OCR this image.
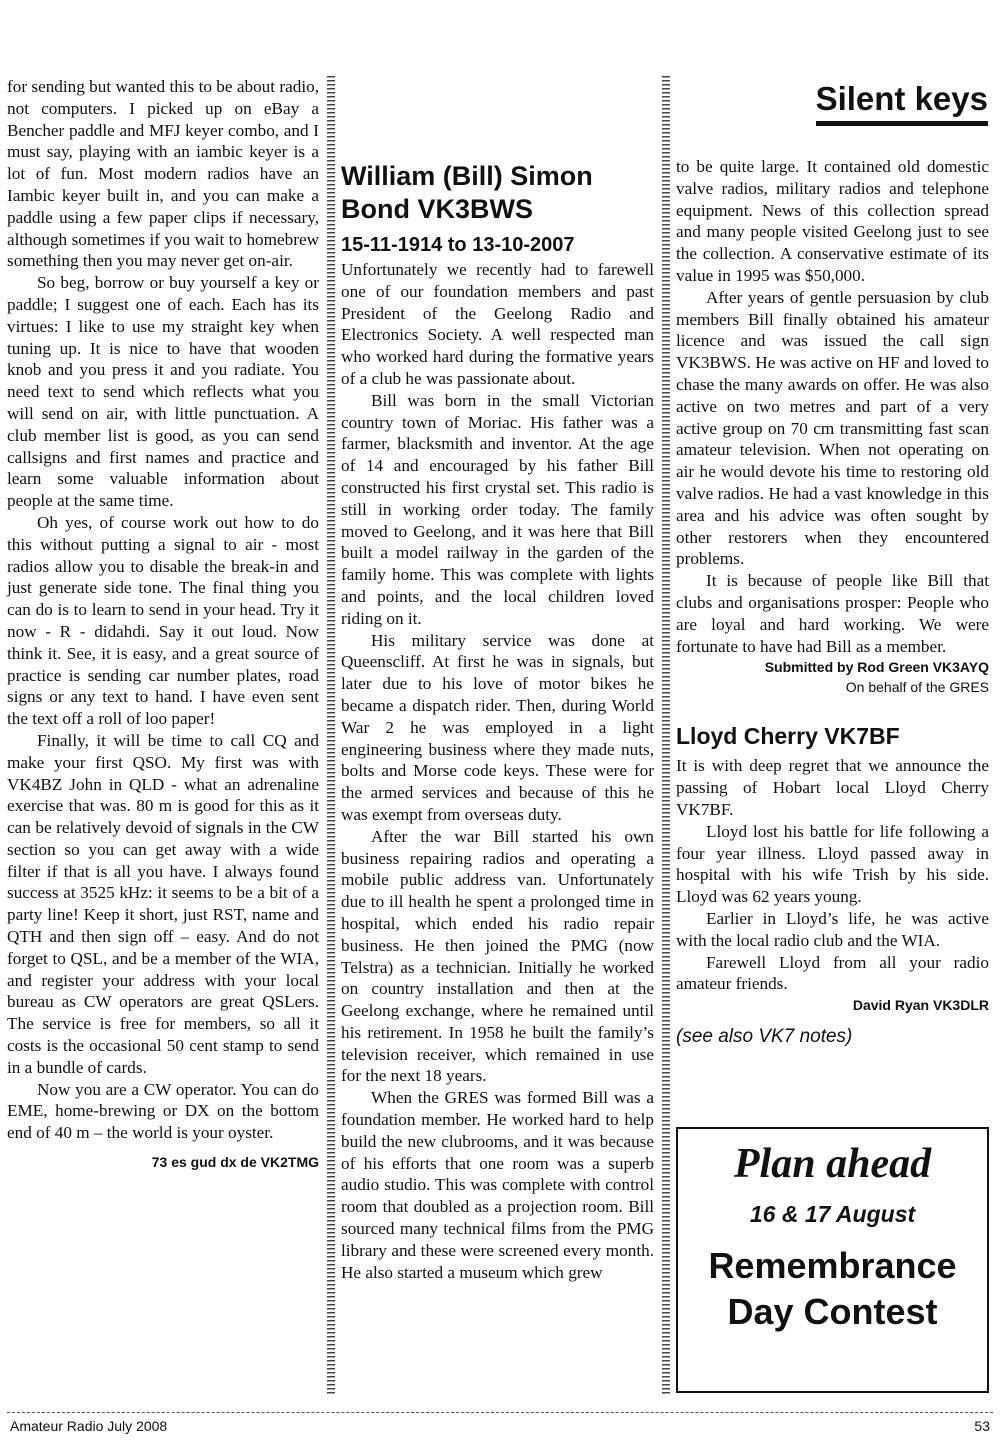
for sending but wanted this to be about radio, not computers. I picked up on eBay a Bencher paddle and MFJ keyer combo, and I must say, playing with an iambic keyer is a lot of fun. Most modern radios have an Iambic keyer built in, and you can make a paddle using a few paper clips if necessary, although sometimes if you wait to homebrew something then you may never get on-air.

So beg, borrow or buy yourself a key or paddle; I suggest one of each. Each has its virtues: I like to use my straight key when tuning up. It is nice to have that wooden knob and you press it and you radiate. You need text to send which reflects what you will send on air, with little punctuation. A club member list is good, as you can send callsigns and first names and practice and learn some valuable information about people at the same time.

Oh yes, of course work out how to do this without putting a signal to air - most radios allow you to disable the break-in and just generate side tone. The final thing you can do is to learn to send in your head. Try it now - R - didahdi. Say it out loud. Now think it. See, it is easy, and a great source of practice is sending car number plates, road signs or any text to hand. I have even sent the text off a roll of loo paper!

Finally, it will be time to call CQ and make your first QSO. My first was with VK4BZ John in QLD - what an adrenaline exercise that was. 80 m is good for this as it can be relatively devoid of signals in the CW section so you can get away with a wide filter if that is all you have. I always found success at 3525 kHz: it seems to be a bit of a party line! Keep it short, just RST, name and QTH and then sign off – easy. And do not forget to QSL, and be a member of the WIA, and register your address with your local bureau as CW operators are great QSLers. The service is free for members, so all it costs is the occasional 50 cent stamp to send in a bundle of cards.

Now you are a CW operator. You can do EME, home-brewing or DX on the bottom end of 40 m – the world is your oyster.

73 es gud dx de VK2TMG
William (Bill) Simon Bond VK3BWS
15-11-1914 to 13-10-2007

Unfortunately we recently had to farewell one of our foundation members and past President of the Geelong Radio and Electronics Society. A well respected man who worked hard during the formative years of a club he was passionate about.

Bill was born in the small Victorian country town of Moriac. His father was a farmer, blacksmith and inventor. At the age of 14 and encouraged by his father Bill constructed his first crystal set. This radio is still in working order today. The family moved to Geelong, and it was here that Bill built a model railway in the garden of the family home. This was complete with lights and points, and the local children loved riding on it.

His military service was done at Queenscliff. At first he was in signals, but later due to his love of motor bikes he became a dispatch rider. Then, during World War 2 he was employed in a light engineering business where they made nuts, bolts and Morse code keys. These were for the armed services and because of this he was exempt from overseas duty.

After the war Bill started his own business repairing radios and operating a mobile public address van. Unfortunately due to ill health he spent a prolonged time in hospital, which ended his radio repair business. He then joined the PMG (now Telstra) as a technician. Initially he worked on country installation and then at the Geelong exchange, where he remained until his retirement. In 1958 he built the family’s television receiver, which remained in use for the next 18 years.

When the GRES was formed Bill was a foundation member. He worked hard to help build the new clubrooms, and it was because of his efforts that one room was a superb audio studio. This was complete with control room that doubled as a projection room. Bill sourced many technical films from the PMG library and these were screened every month. He also started a museum which grew

Silent keys

to be quite large. It contained old domestic valve radios, military radios and telephone equipment. News of this collection spread and many people visited Geelong just to see the collection. A conservative estimate of its value in 1995 was $50,000.

After years of gentle persuasion by club members Bill finally obtained his amateur licence and was issued the call sign VK3BWS. He was active on HF and loved to chase the many awards on offer. He was also active on two metres and part of a very active group on 70 cm transmitting fast scan amateur television. When not operating on air he would devote his time to restoring old valve radios. He had a vast knowledge in this area and his advice was often sought by other restorers when they encountered problems.

It is because of people like Bill that clubs and organisations prosper: People who are loyal and hard working. We were fortunate to have had Bill as a member.

Submitted by Rod Green VK3AYQ
On behalf of the GRES
Lloyd Cherry VK7BF

It is with deep regret that we announce the passing of Hobart local Lloyd Cherry VK7BF.

Lloyd lost his battle for life following a four year illness. Lloyd passed away in hospital with his wife Trish by his side. Lloyd was 62 years young.

Earlier in Lloyd’s life, he was active with the local radio club and the WIA.

Farewell Lloyd from all your radio amateur friends.

David Ryan VK3DLR
(see also VK7 notes)
Plan ahead
16 & 17 August
Remembrance
Day Contest
Amateur Radio July 2008	53
